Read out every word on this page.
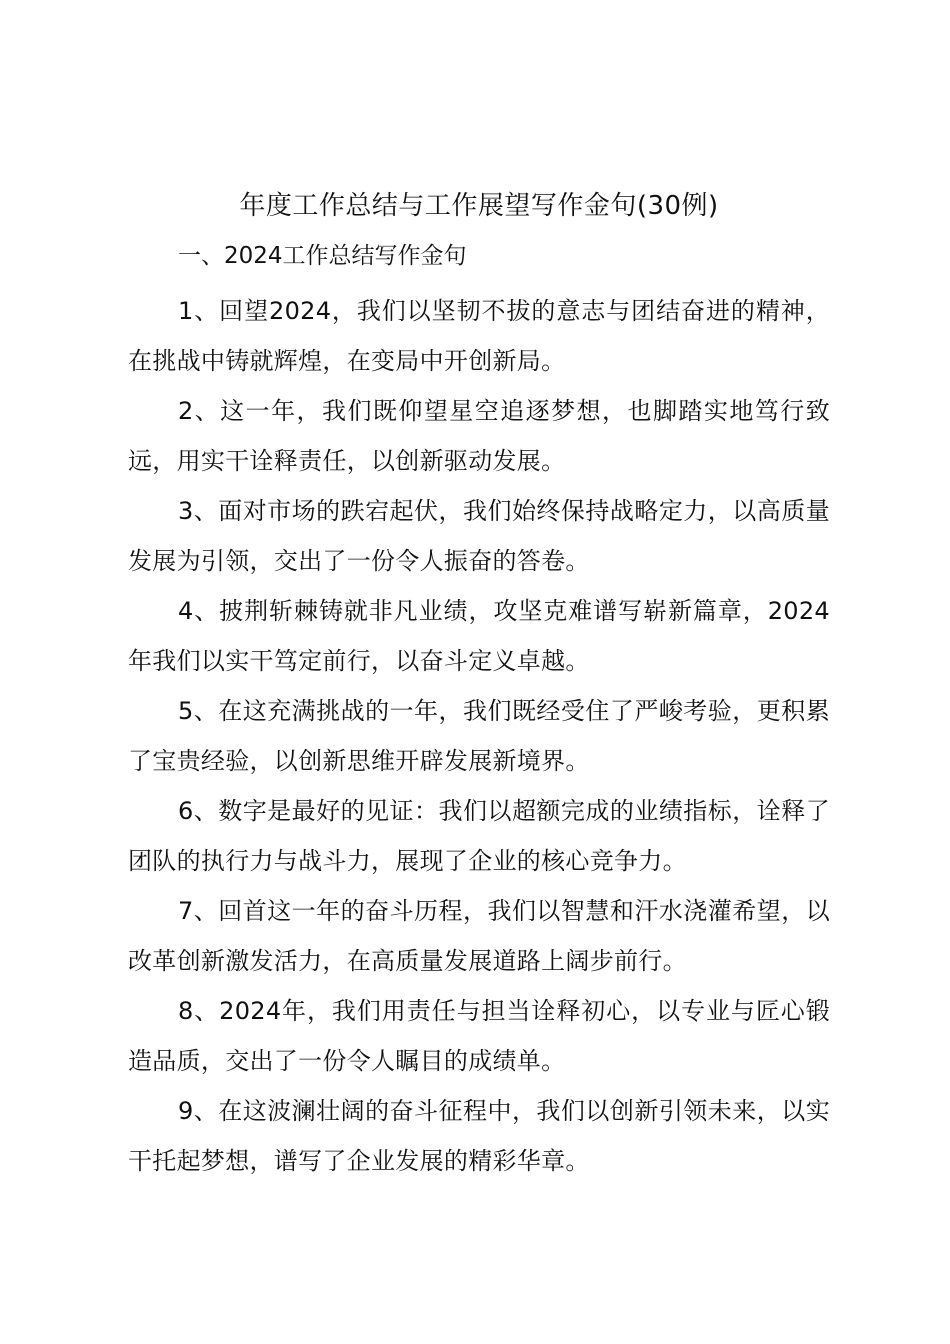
年度工作总结与工作展望写作金句(30例)

一、2024工作总结写作金句

1、回望2024，我们以坚韧不拔的意志与团结奋进的精神，在挑战中铸就辉煌，在变局中开创新局。

2、这一年，我们既仰望星空追逐梦想，也脚踏实地笃行致远，用实干诠释责任，以创新驱动发展。

3、面对市场的跌宕起伏，我们始终保持战略定力，以高质量发展为引领，交出了一份令人振奋的答卷。

4、披荆斩棘铸就非凡业绩，攻坚克难谱写崭新篇章，2024年我们以实干笃定前行，以奋斗定义卓越。

5、在这充满挑战的一年，我们既经受住了严峻考验，更积累了宝贵经验，以创新思维开辟发展新境界。

6、数字是最好的见证：我们以超额完成的业绩指标，诠释了团队的执行力与战斗力，展现了企业的核心竞争力。

7、回首这一年的奋斗历程，我们以智慧和汗水浇灌希望，以改革创新激发活力，在高质量发展道路上阔步前行。

8、2024年，我们用责任与担当诠释初心，以专业与匠心锻造品质，交出了一份令人瞩目的成绩单。

9、在这波澜壮阔的奋斗征程中，我们以创新引领未来，以实干托起梦想，谱写了企业发展的精彩华章。
